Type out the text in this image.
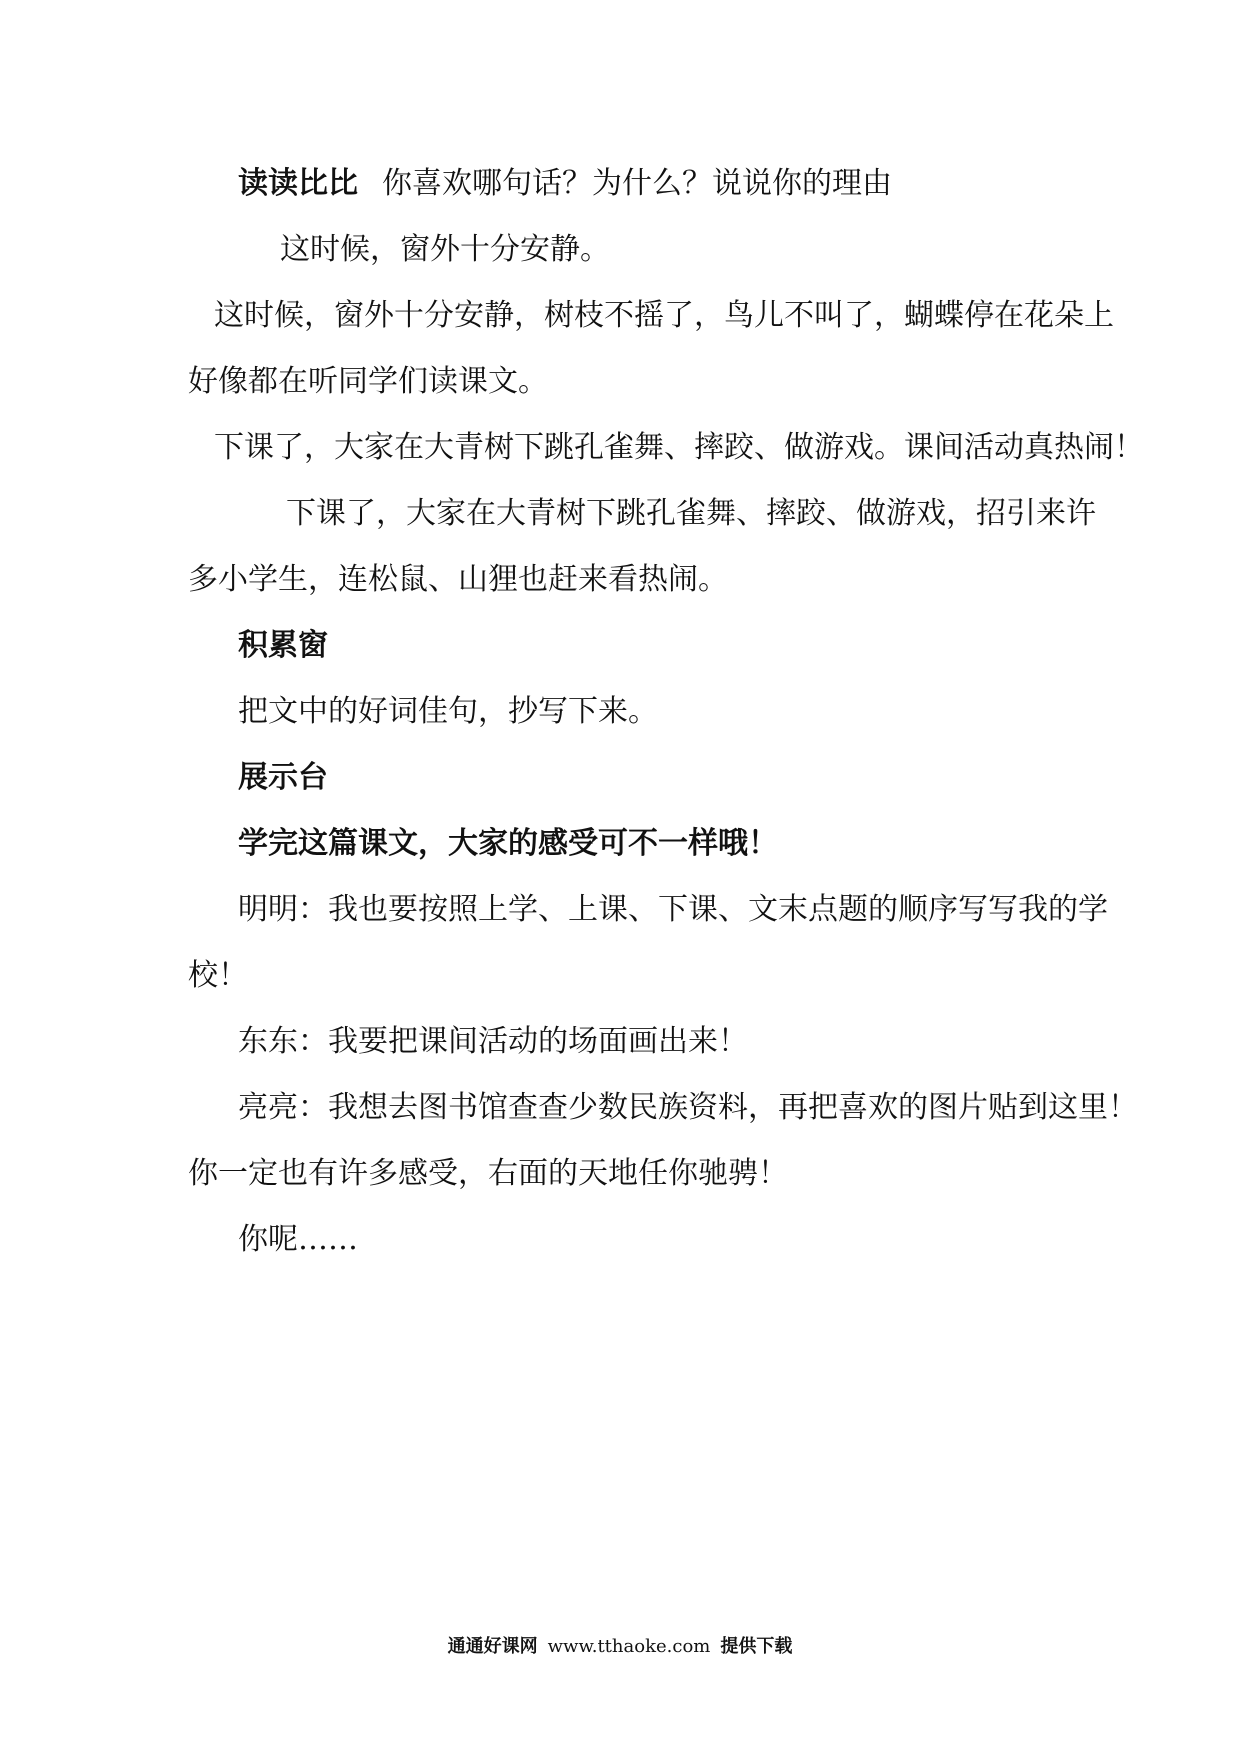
读读比比 你喜欢哪句话？为什么？说说你的理由
这时候，窗外十分安静。
这时候，窗外十分安静，树枝不摇了，鸟儿不叫了，蝴蝶停在花朵上
好像都在听同学们读课文。
下课了，大家在大青树下跳孔雀舞、摔跤、做游戏。课间活动真热闹！
下课了，大家在大青树下跳孔雀舞、摔跤、做游戏，招引来许
多小学生，连松鼠、山狸也赶来看热闹。
积累窗
把文中的好词佳句，抄写下来。
展示台
学完这篇课文，大家的感受可不一样哦！
明明：我也要按照上学、上课、下课、文末点题的顺序写写我的学
校！
东东：我要把课间活动的场面画出来！
亮亮：我想去图书馆查查少数民族资料，再把喜欢的图片贴到这里！
你一定也有许多感受，右面的天地任你驰骋！
你呢……
通通好课网 www.tthaoke.com 提供下载
